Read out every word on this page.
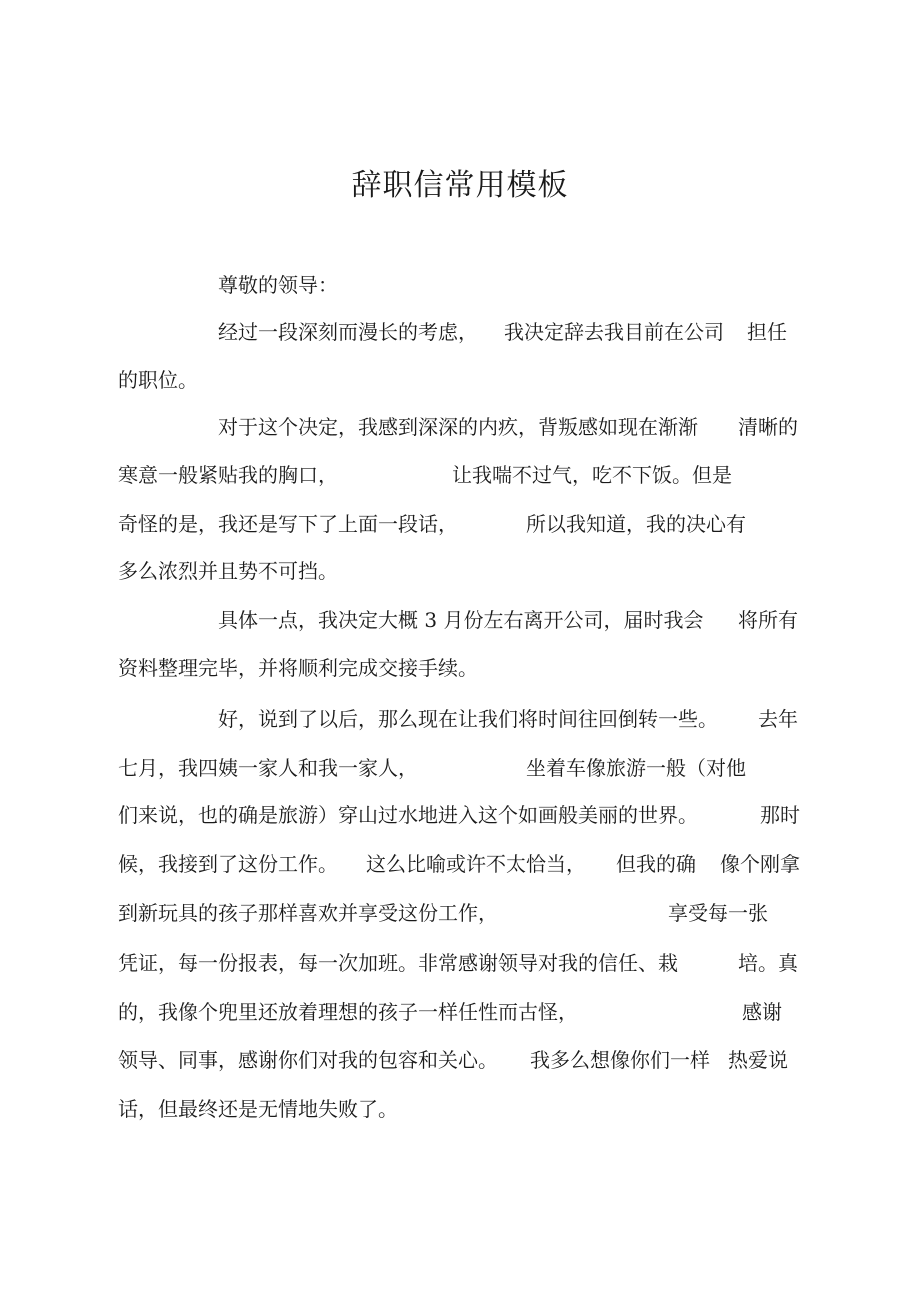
辞职信常用模板
尊敬的领导：
经过一段深刻而漫长的考虑， 我决定辞去我目前在公司 担任
的职位。
对于这个决定，我感到深深的内疚，背叛感如现在渐渐 清晰的
寒意一般紧贴我的胸口，	让我喘不过气，吃不下饭。但是
奇怪的是，我还是写下了上面一段话，	所以我知道，我的决心有
多么浓烈并且势不可挡。
具体一点，我决定大概 3 月份左右离开公司，届时我会 将所有
资料整理完毕，并将顺利完成交接手续。
好，说到了以后，那么现在让我们将时间往回倒转一些。 去年
七月，我四姨一家人和我一家人，	坐着车像旅游一般（对他
们来说，也的确是旅游）穿山过水地进入这个如画般美丽的世界。	那时
候，我接到了这份工作。 这么比喻或许不太恰当， 但我的确 像个刚拿
到新玩具的孩子那样喜欢并享受这份工作，	享受每一张
凭证，每一份报表，每一次加班。非常感谢领导对我的信任、栽	培。真
的，我像个兜里还放着理想的孩子一样任性而古怪，	感谢
领导、同事，感谢你们对我的包容和关心。 我多么想像你们一样 热爱说
话，但最终还是无情地失败了。
